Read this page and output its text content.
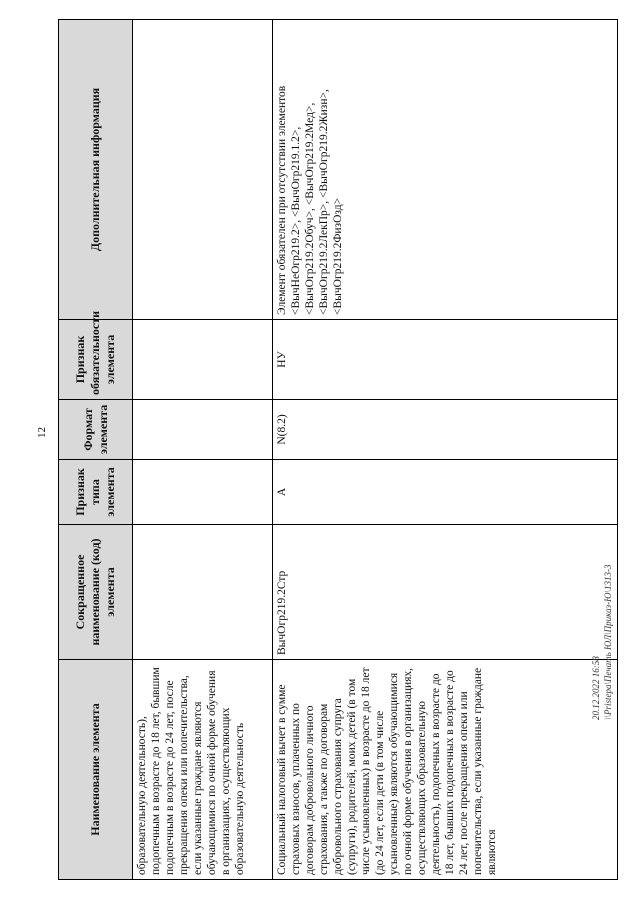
12
Наименование элемента	Сокращенное наименование (код) элемента	Признак типа элемента	Формат элемента	Признак обязательности элемента	Дополнительная информация
образовательную деятельность), подопечным в возрасте до 18 лет, бывшим подопечным в возрасте до 24 лет, после прекращения опеки или попечительства, если указанные граждане являются обучающимися по очной форме обучения в организациях, осуществляющих образовательную деятельность					
Социальный налоговый вычет в сумме страховых взносов, уплаченных по договорам добровольного личного страхования, а также по договорам добровольного страхования супруга (супруги), родителей, моих детей (в том числе усыновленных) в возрасте до 18 лет (до 24 лет, если дети (в том числе усыновленные) являются обучающимися по очной форме обучения в организациях, осуществляющих образовательную деятельность), подопечных в возрасте до 18 лет, бывших подопечных в возрасте до 24 лет, после прекращения опеки или попечительства, если указанные граждане являются	ВычОгр219.2Стр	А	N(8.2)	НУ	Элемент обязателен при отсутствии элементов <ВычНеОгр219.2>, <ВычОгр219.1.2>, <ВычОгр219.2Обуч>, <ВычОгр219.2Мед>, <ВычОгр219.2ЛекПр>, <ВычОгр219.2Жизн>, <ВычОгр219.2ФизОзд>
20.12.2022 16:58 \\Pristepa\Печать ЮЛ\Приказ-Ю\1313-3
